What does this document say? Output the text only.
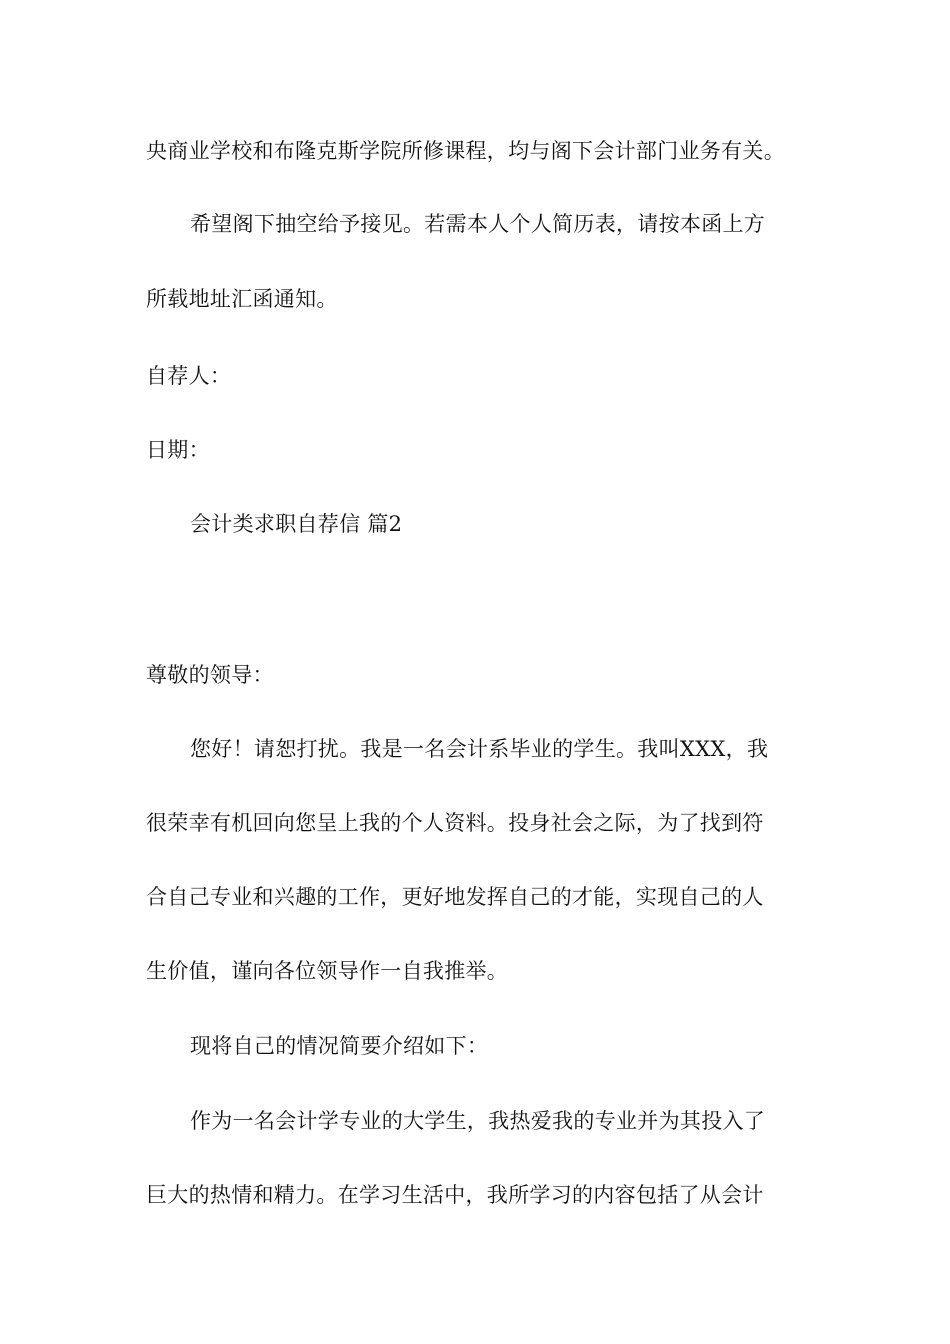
央商业学校和布隆克斯学院所修课程，均与阁下会计部门业务有关。
希望阁下抽空给予接见。若需本人个人简历表，请按本函上方
所载地址汇函通知。
自荐人：
日期：
会计类求职自荐信 篇2
尊敬的领导：
您好！请恕打扰。我是一名会计系毕业的学生。我叫XXX，我
很荣幸有机回向您呈上我的个人资料。投身社会之际，为了找到符
合自己专业和兴趣的工作，更好地发挥自己的才能，实现自己的人
生价值，谨向各位领导作一自我推举。
现将自己的情况简要介绍如下：
作为一名会计学专业的大学生，我热爱我的专业并为其投入了
巨大的热情和精力。在学习生活中，我所学习的内容包括了从会计
